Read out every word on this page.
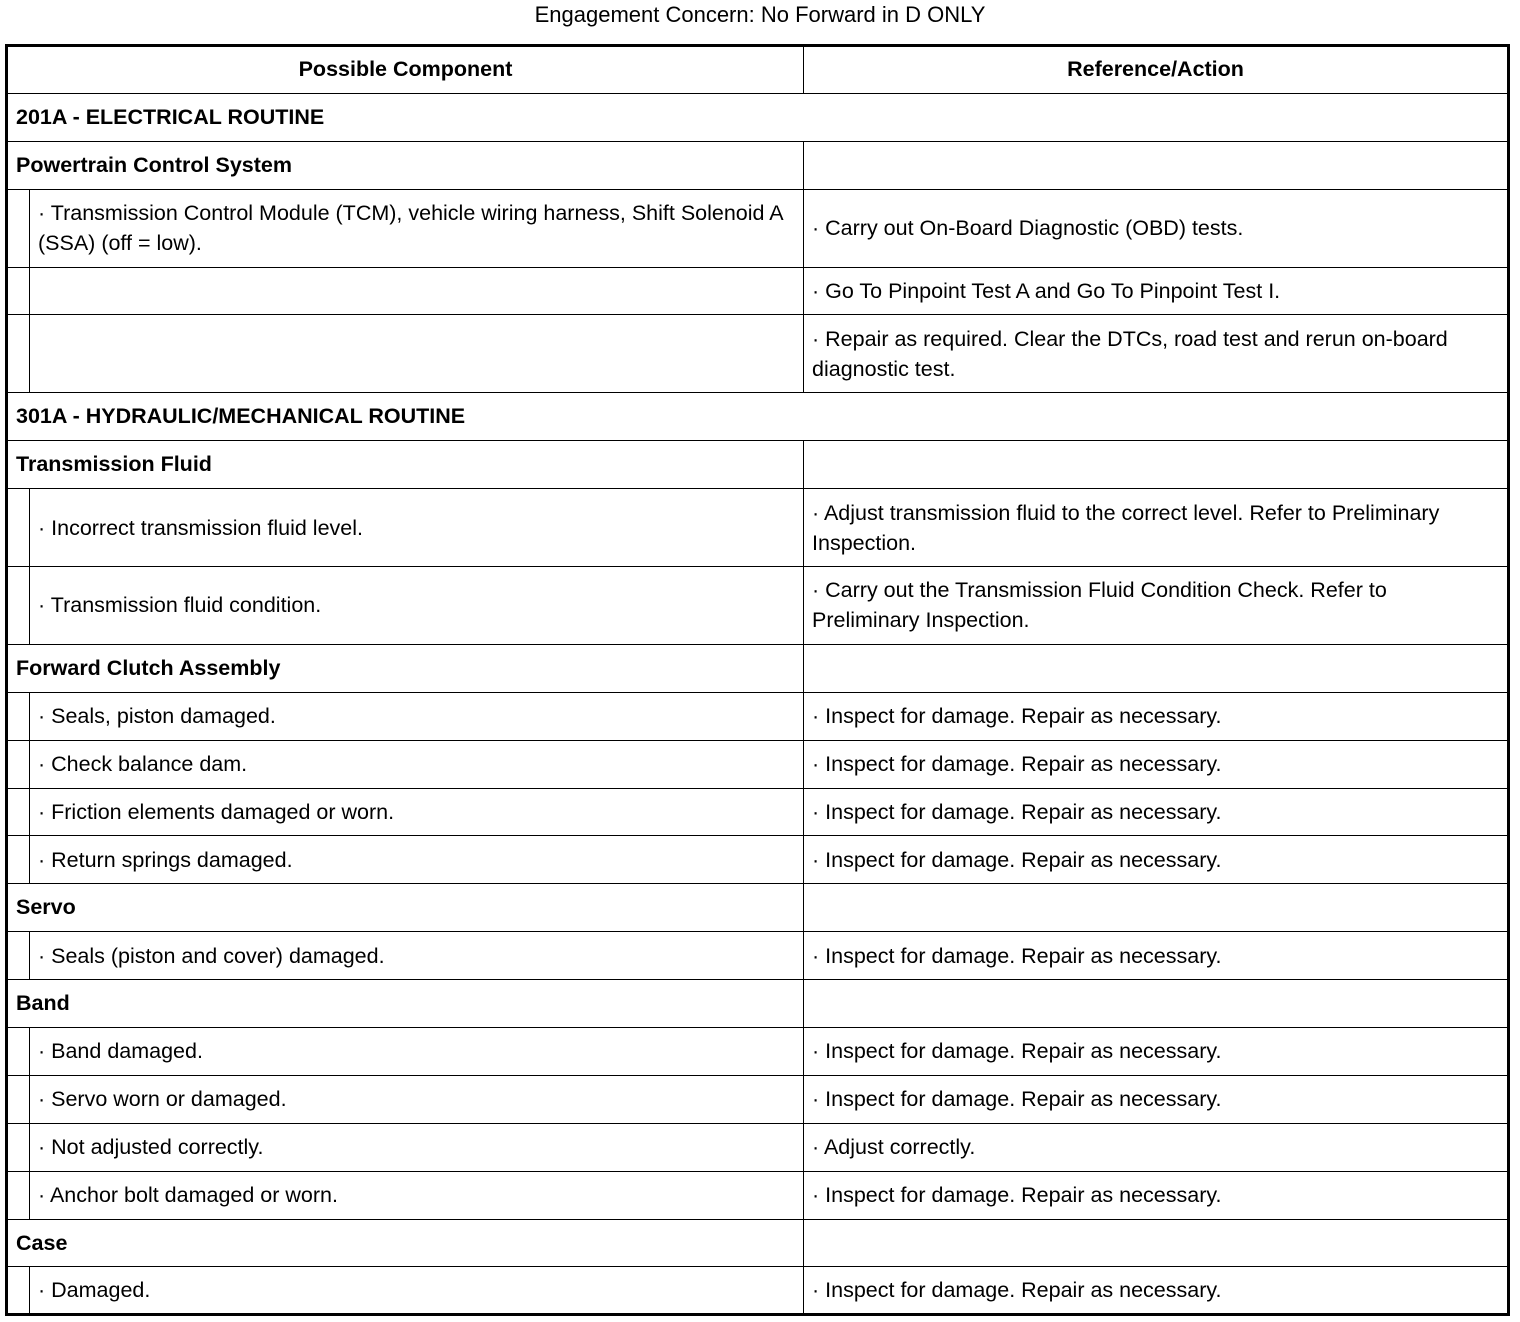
Engagement Concern: No Forward in D ONLY
Possible Component		Reference/Action
201A - ELECTRICAL ROUTINE		
Powertrain Control System		
	· Transmission Control Module (TCM), vehicle wiring harness, Shift Solenoid A (SSA) (off = low).	· Carry out On-Board Diagnostic (OBD) tests.
		· Go To Pinpoint Test A and Go To Pinpoint Test I.
		· Repair as required. Clear the DTCs, road test and rerun on-board diagnostic test.
301A - HYDRAULIC/MECHANICAL ROUTINE		
Transmission Fluid		
	· Incorrect transmission fluid level.	· Adjust transmission fluid to the correct level. Refer to Preliminary Inspection.
	· Transmission fluid condition.	· Carry out the Transmission Fluid Condition Check. Refer to Preliminary Inspection.
Forward Clutch Assembly		
	· Seals, piston damaged.	· Inspect for damage. Repair as necessary.
	· Check balance dam.	· Inspect for damage. Repair as necessary.
	· Friction elements damaged or worn.	· Inspect for damage. Repair as necessary.
	· Return springs damaged.	· Inspect for damage. Repair as necessary.
Servo		
	· Seals (piston and cover) damaged.	· Inspect for damage. Repair as necessary.
Band		
	· Band damaged.	· Inspect for damage. Repair as necessary.
	· Servo worn or damaged.	· Inspect for damage. Repair as necessary.
	· Not adjusted correctly.	· Adjust correctly.
	· Anchor bolt damaged or worn.	· Inspect for damage. Repair as necessary.
Case		
	· Damaged.	· Inspect for damage. Repair as necessary.
